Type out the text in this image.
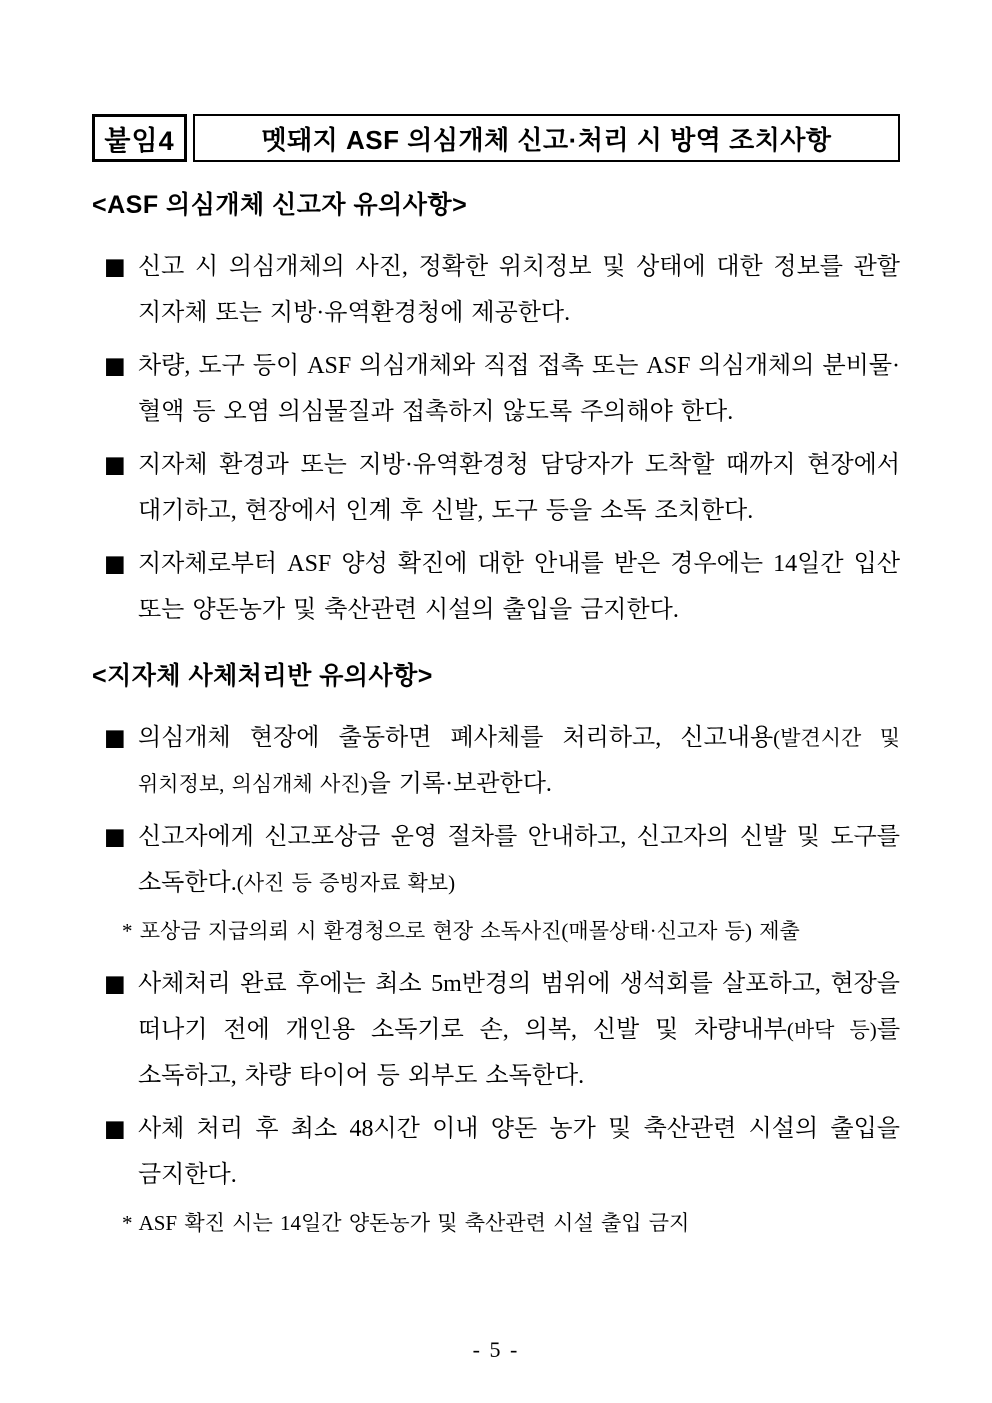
붙임4	멧돼지 ASF 의심개체 신고·처리 시 방역 조치사항
<ASF 의심개체 신고자 유의사항>
■ 신고 시 의심개체의 사진, 정확한 위치정보 및 상태에 대한 정보를 관할 지자체 또는 지방·유역환경청에 제공한다.
■ 차량, 도구 등이 ASF 의심개체와 직접 접촉 또는 ASF 의심개체의 분비물·혈액 등 오염 의심물질과 접촉하지 않도록 주의해야 한다.
■ 지자체 환경과 또는 지방·유역환경청 담당자가 도착할 때까지 현장에서 대기하고, 현장에서 인계 후 신발, 도구 등을 소독 조치한다.
■ 지자체로부터 ASF 양성 확진에 대한 안내를 받은 경우에는 14일간 입산 또는 양돈농가 및 축산관련 시설의 출입을 금지한다.
<지자체 사체처리반 유의사항>
■ 의심개체 현장에 출동하면 폐사체를 처리하고, 신고내용(발견시간 및 위치정보, 의심개체 사진)을 기록·보관한다.
■ 신고자에게 신고포상금 운영 절차를 안내하고, 신고자의 신발 및 도구를 소독한다.(사진 등 증빙자료 확보)
* 포상금 지급의뢰 시 환경청으로 현장 소독사진(매몰상태·신고자 등) 제출
■ 사체처리 완료 후에는 최소 5m반경의 범위에 생석회를 살포하고, 현장을 떠나기 전에 개인용 소독기로 손, 의복, 신발 및 차량내부(바닥 등)를 소독하고, 차량 타이어 등 외부도 소독한다.
■ 사체 처리 후 최소 48시간 이내 양돈 농가 및 축산관련 시설의 출입을 금지한다.
* ASF 확진 시는 14일간 양돈농가 및 축산관련 시설 출입 금지
- 5 -
